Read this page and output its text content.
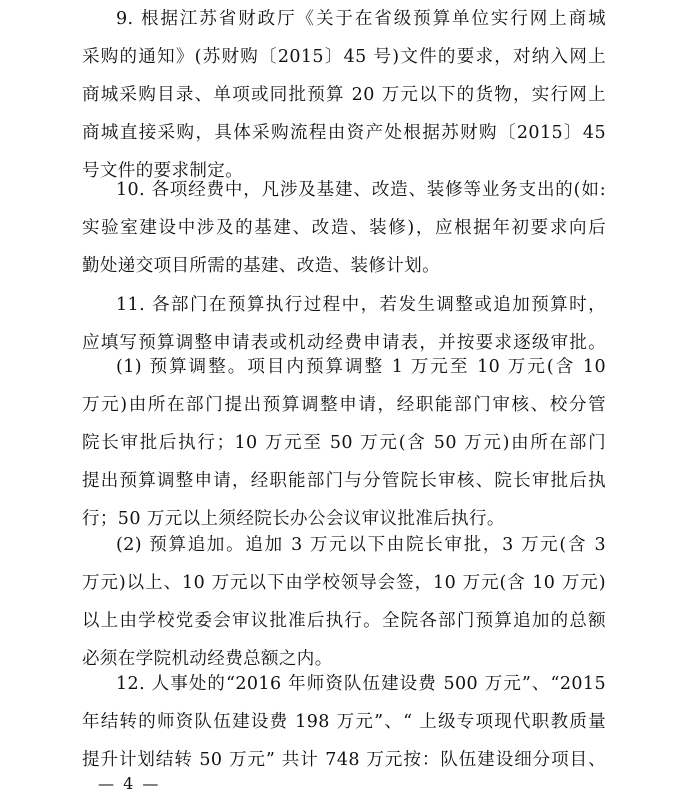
9. 根据江苏省财政厅《关于在省级预算单位实行网上商城
采购的通知》(苏财购〔2015〕45 号)文件的要求，对纳入网上
商城采购目录、单项或同批预算 20 万元以下的货物，实行网上
商城直接采购，具体采购流程由资产处根据苏财购〔2015〕45
号文件的要求制定。
10. 各项经费中，凡涉及基建、改造、装修等业务支出的(如:
实验室建设中涉及的基建、改造、装修)，应根据年初要求向后
勤处递交项目所需的基建、改造、装修计划。
11. 各部门在预算执行过程中，若发生调整或追加预算时，
应填写预算调整申请表或机动经费申请表，并按要求逐级审批。
(1) 预算调整。项目内预算调整 1 万元至 10 万元(含 10
万元)由所在部门提出预算调整申请，经职能部门审核、校分管
院长审批后执行；10 万元至 50 万元(含 50 万元)由所在部门
提出预算调整申请，经职能部门与分管院长审核、院长审批后执
行；50 万元以上须经院长办公会议审议批准后执行。
(2) 预算追加。追加 3 万元以下由院长审批，3 万元(含 3
万元)以上、10 万元以下由学校领导会签，10 万元(含 10 万元)
以上由学校党委会审议批准后执行。全院各部门预算追加的总额
必须在学院机动经费总额之内。
12. 人事处的“2016 年师资队伍建设费 500 万元”、“2015
年结转的师资队伍建设费 198 万元”、“ 上级专项现代职教质量
提升计划结转 50 万元” 共计 748 万元按：队伍建设细分项目、
— 4 —
